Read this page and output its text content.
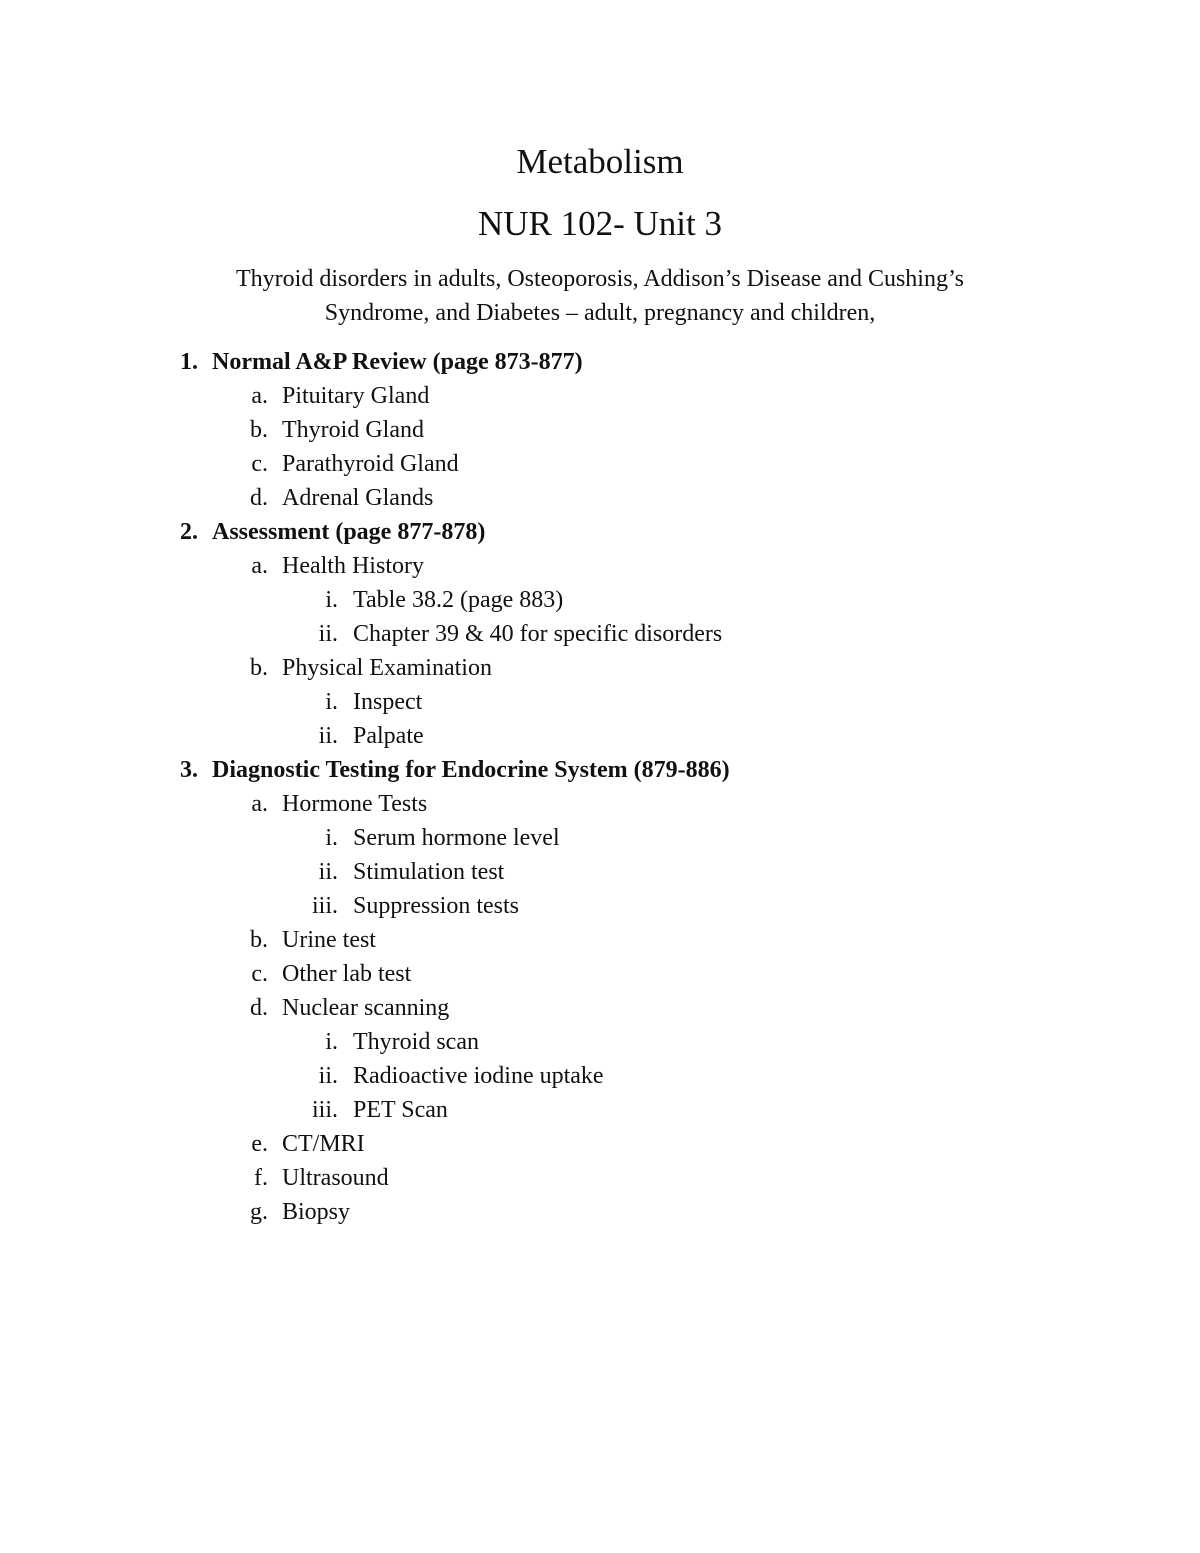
Metabolism
NUR 102- Unit 3

Thyroid disorders in adults, Osteoporosis, Addison’s Disease and Cushing’s
Syndrome, and Diabetes – adult, pregnancy and children,

1. Normal A&P Review (page 873-877)
a. Pituitary Gland
b. Thyroid Gland
c. Parathyroid Gland
d. Adrenal Glands
2. Assessment (page 877-878)
a. Health History
i. Table 38.2 (page 883)
ii. Chapter 39 & 40 for specific disorders
b. Physical Examination
i. Inspect
ii. Palpate
3. Diagnostic Testing for Endocrine System (879-886)
a. Hormone Tests
i. Serum hormone level
ii. Stimulation test
iii. Suppression tests
b. Urine test
c. Other lab test
d. Nuclear scanning
i. Thyroid scan
ii. Radioactive iodine uptake
iii. PET Scan
e. CT/MRI
f. Ultrasound
g. Biopsy
